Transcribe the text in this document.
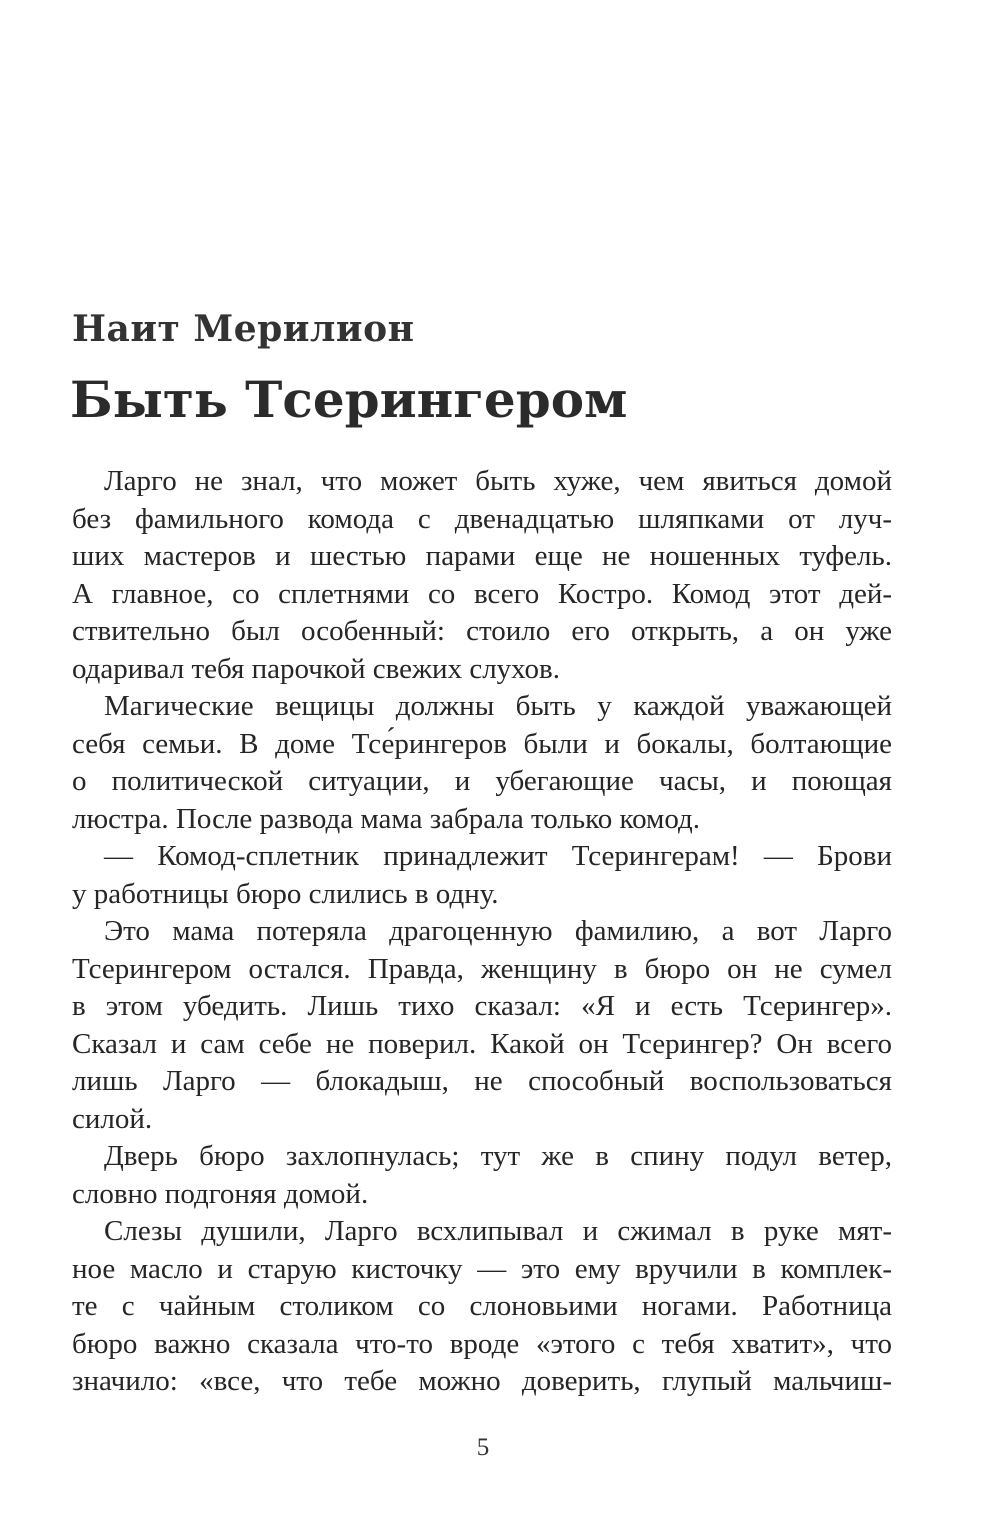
Наит Мерилион
Быть Тсерингером

Ларго не знал, что может быть хуже, чем явиться домой
без фамильного комода с двенадцатью шляпками от луч-
ших мастеров и шестью парами еще не ношенных туфель.
А главное, со сплетнями со всего Костро. Комод этот дей-
ствительно был особенный: стоило его открыть, а он уже
одаривал тебя парочкой свежих слухов.

Магические вещицы должны быть у каждой уважающей
себя семьи. В доме Тсе́рингеров были и бокалы, болтающие
о политической ситуации, и убегающие часы, и поющая
люстра. После развода мама забрала только комод.

— Комод-сплетник принадлежит Тсерингерам! — Брови
у работницы бюро слились в одну.

Это мама потеряла драгоценную фамилию, а вот Ларго
Тсерингером остался. Правда, женщину в бюро он не сумел
в этом убедить. Лишь тихо сказал: «Я и есть Тсерингер».
Сказал и сам себе не поверил. Какой он Тсерингер? Он всего
лишь Ларго — блокадыш, не способный воспользоваться
силой.

Дверь бюро захлопнулась; тут же в спину подул ветер,
словно подгоняя домой.

Слезы душили, Ларго всхлипывал и сжимал в руке мят-
ное масло и старую кисточку — это ему вручили в комплек-
те с чайным столиком со слоновьими ногами. Работница
бюро важно сказала что-то вроде «этого с тебя хватит», что
значило: «все, что тебе можно доверить, глупый мальчиш-

5
